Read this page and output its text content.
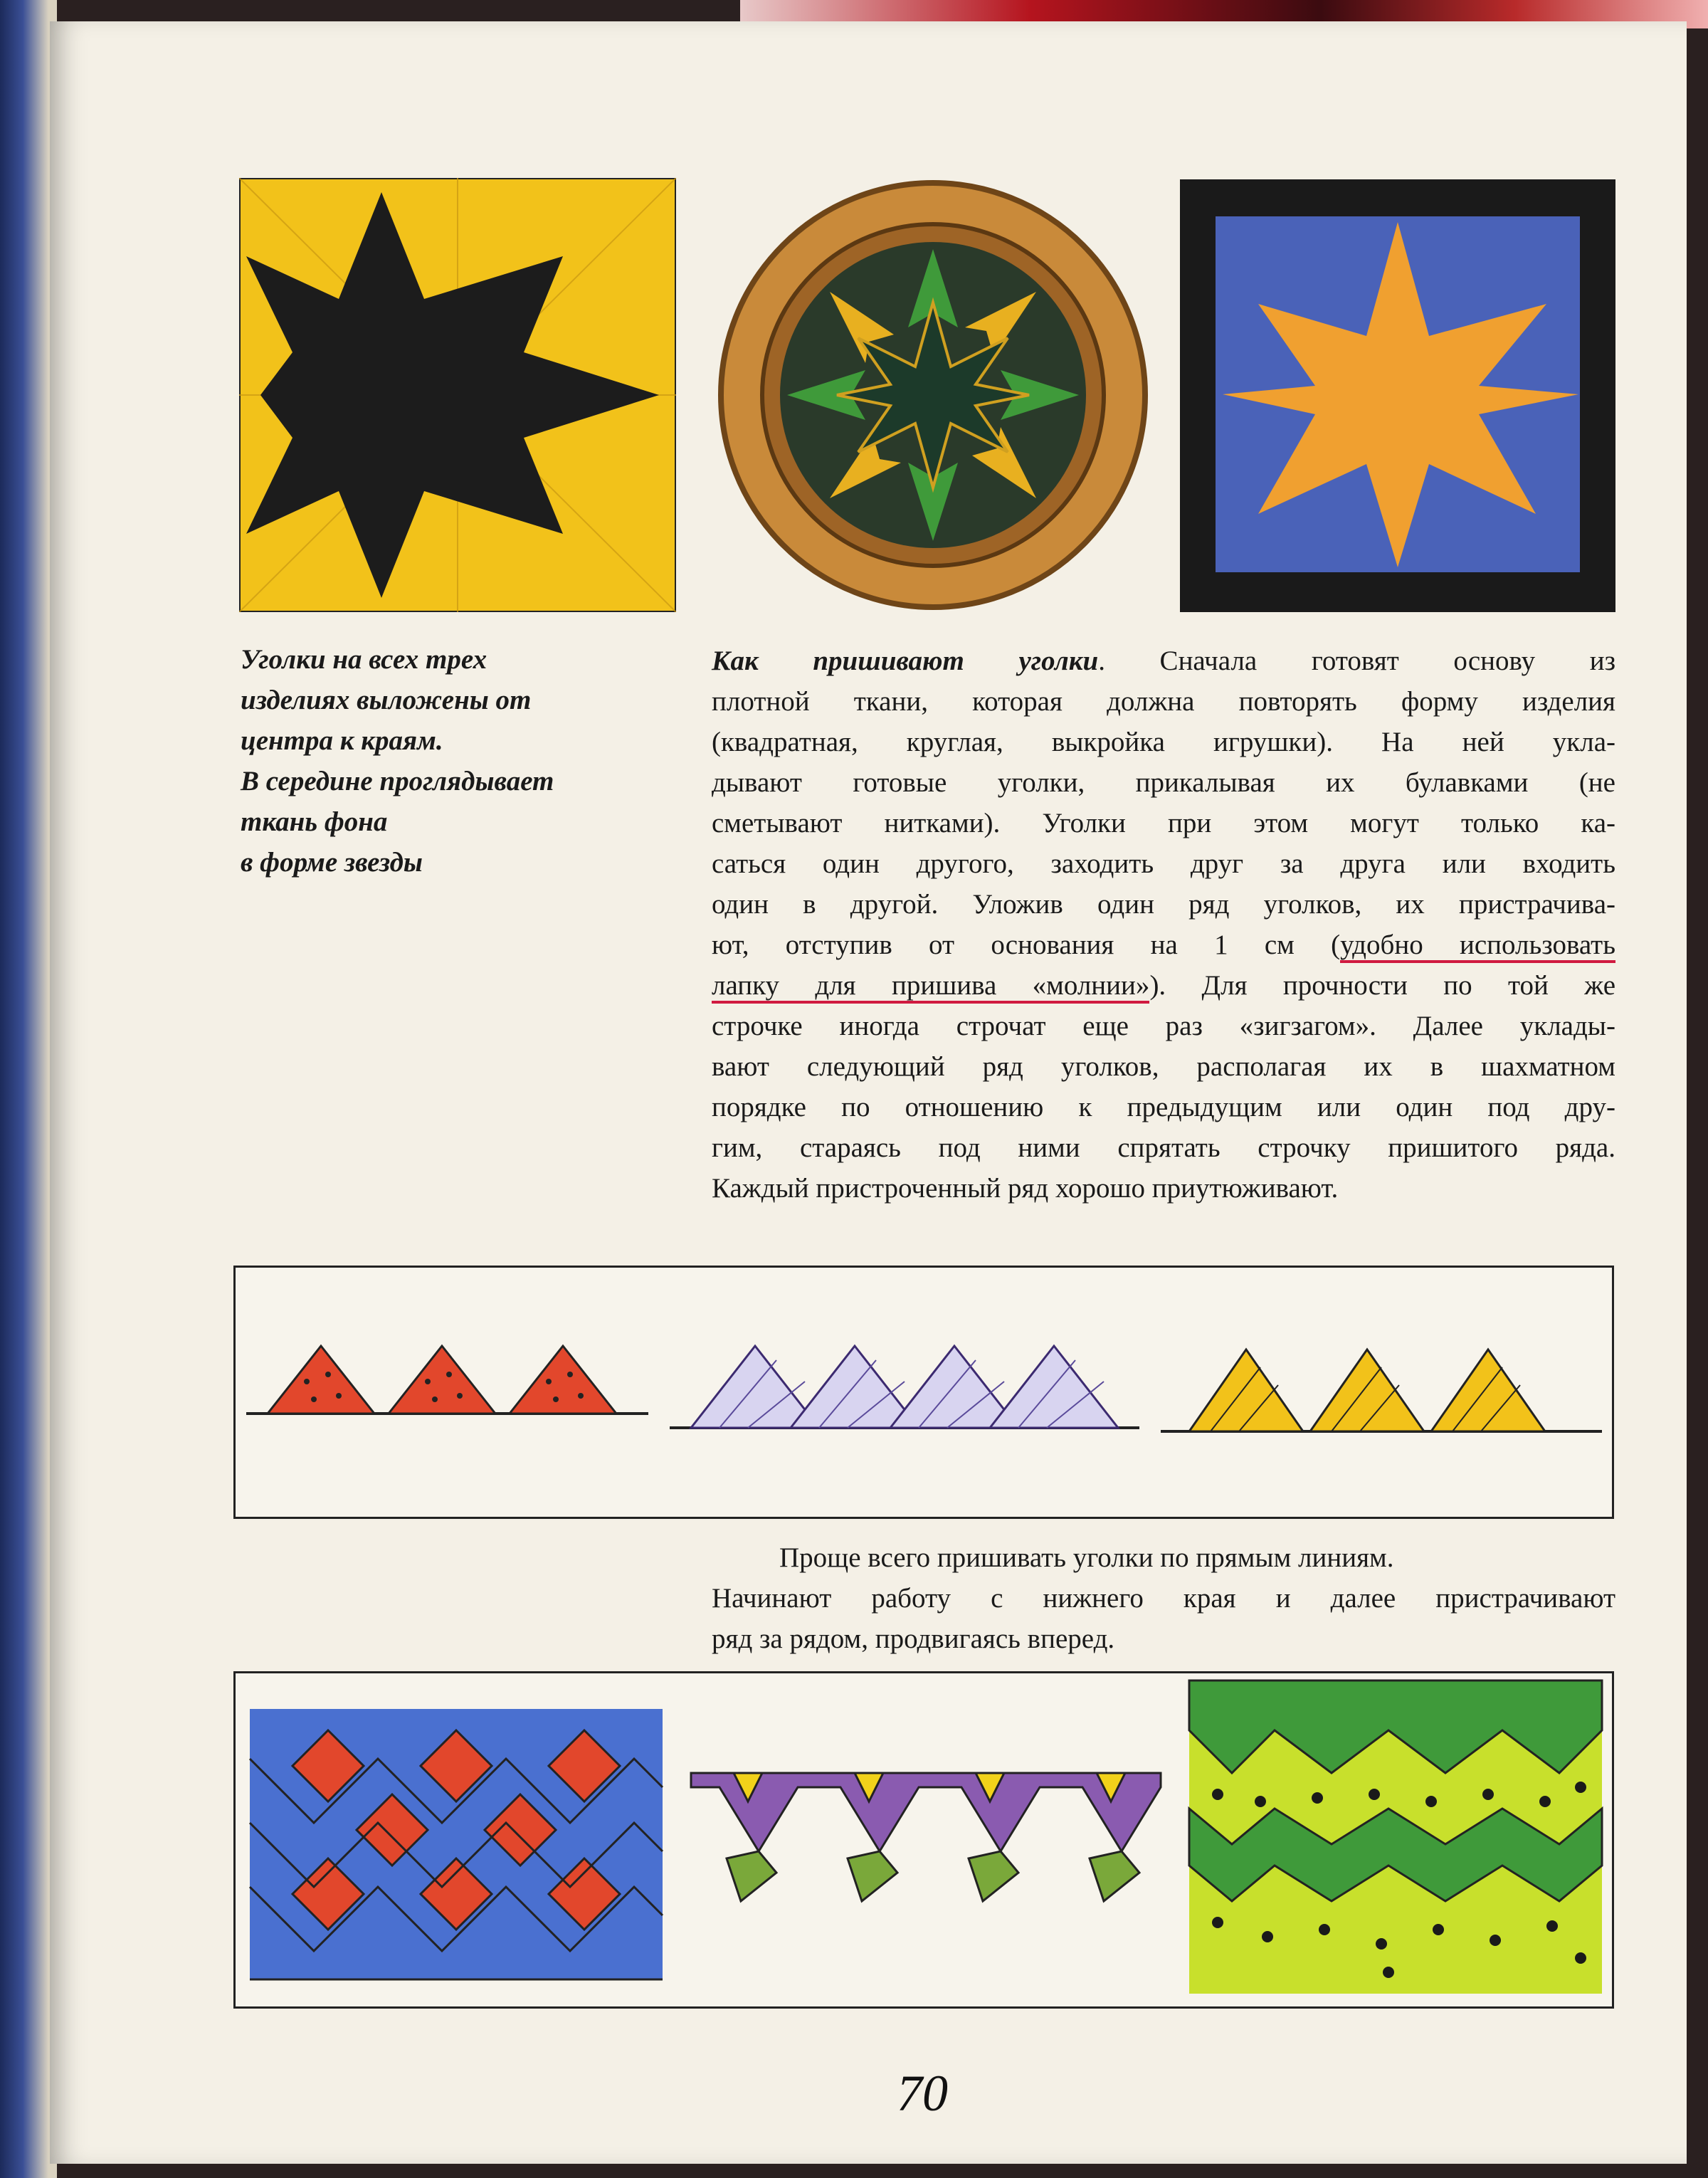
Уголки на всех трех
изделиях выложены от
центра к краям.
В середине проглядывает
ткань фона
в форме звезды
Как пришивают уголки. Сначала готовят основу из
плотной ткани, которая должна повторять форму изделия
(квадратная, круглая, выкройка игрушки). На ней укла-
дывают готовые уголки, прикалывая их булавками (не
сметывают нитками). Уголки при этом могут только ка-
саться один другого, заходить друг за друга или входить
один в другой. Уложив один ряд уголков, их пристрачива-
ют, отступив от основания на 1 см (удобно использовать
лапку для пришива «молнии»). Для прочности по той же
строчке иногда строчат еще раз «зигзагом». Далее уклады-
вают следующий ряд уголков, располагая их в шахматном
порядке по отношению к предыдущим или один под дру-
гим, стараясь под ними спрятать строчку пришитого ряда.
Каждый пристроченный ряд хорошо приутюживают.
Проще всего пришивать уголки по прямым линиям.
Начинают работу с нижнего края и далее пристрачивают
ряд за рядом, продвигаясь вперед.
70
